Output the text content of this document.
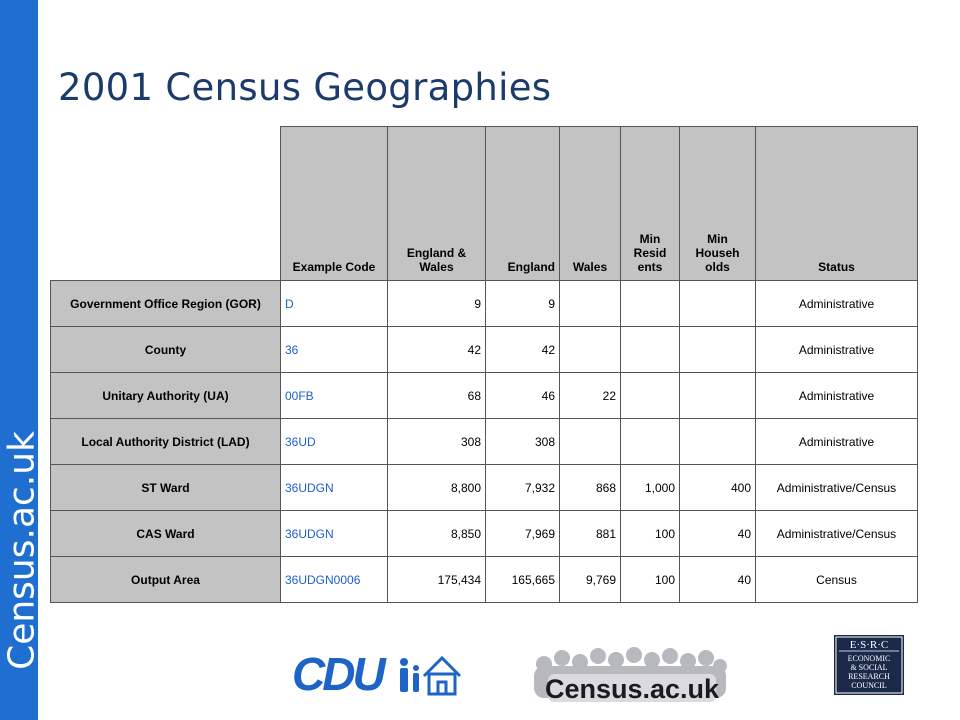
Census.ac.uk
2001 Census Geographies
	Example Code	England & Wales	England	Wales	Min Resid ents	Min Househ olds	Status
Government Office Region (GOR)	D	9	9				Administrative
County	36	42	42				Administrative
Unitary Authority (UA)	00FB	68	46	22			Administrative
Local Authority District (LAD)	36UD	308	308				Administrative
ST Ward	36UDGN	8,800	7,932	868	1,000	400	Administrative/Census
CAS Ward	36UDGN	8,850	7,969	881	100	40	Administrative/Census
Output Area	36UDGN0006	175,434	165,665	9,769	100	40	Census
CDU	Census.ac.uk
E·S·R·C
ECONOMIC
& SOCIAL
RESEARCH
COUNCIL
